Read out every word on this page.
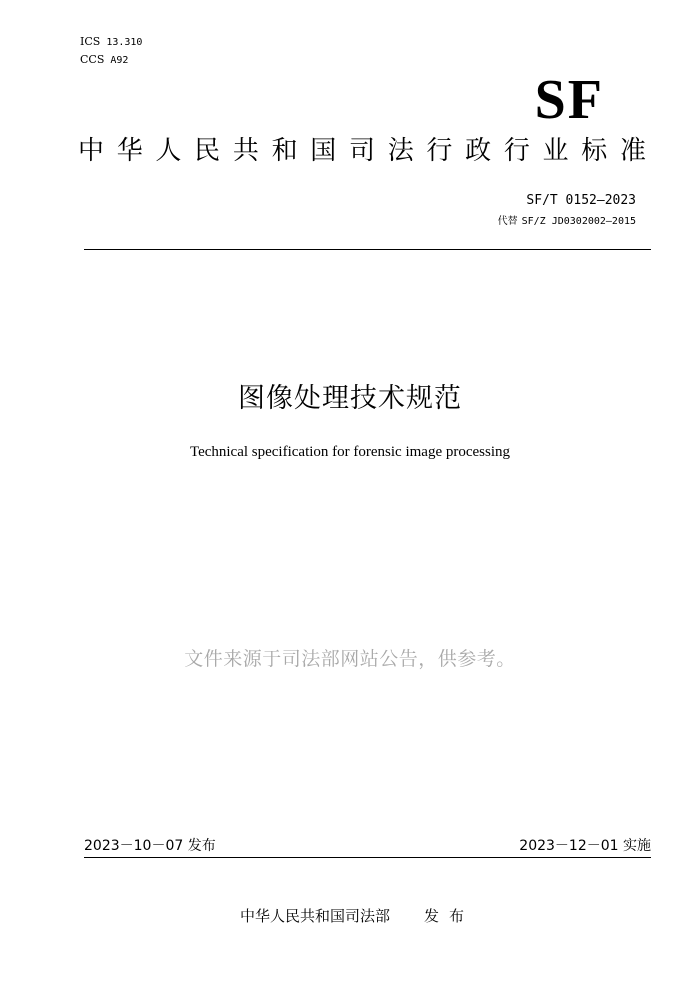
ICS 13.310
CCS A92
SF
中华人民共和国司法行政行业标准
SF/T 0152—2023
代替 SF/Z JD0302002—2015
图像处理技术规范
Technical specification for forensic image processing
文件来源于司法部网站公告，供参考。
2023－10－07 发布	2023－12－01 实施
中华人民共和国司法部 发布
